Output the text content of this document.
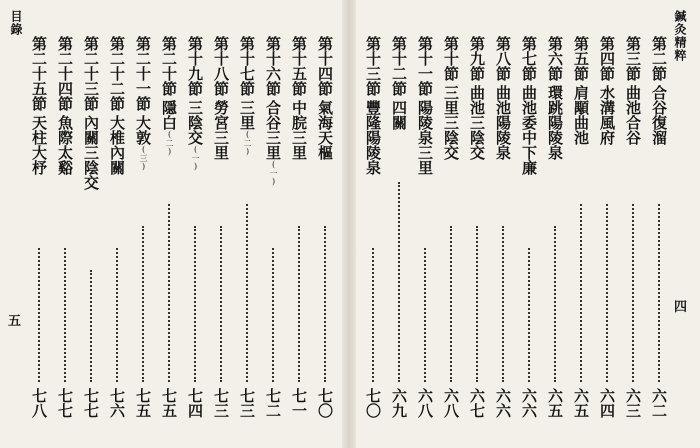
鍼灸精粹
四
目錄
五
第二節合谷復溜
六二
第三節曲池合谷
六三
第四節水溝風府
六四
第五節肩顒曲池
六五
第六節環跳陽陵泉
六五
第七節曲池委中下廉
六六
第八節曲池陽陵泉
六六
第九節曲池三陰交
六七
第十節三里三陰交
六八
第十一節陽陵泉三里
六八
第十二節四關
六九
第十三節豐隆陽陵泉
七〇
第十四節氣海天樞
七〇
第十五節中脘三里
七一
第十六節合谷三里(一)
七二
第十七節三里(二)
七三
第十八節勞宮三里
七三
第十九節三陰交(一)
七四
第二十節隱白(二)
七五
第二十一節大敦(三)
七五
第二十二節大椎內關
七六
第二十三節內關三陰交
七七
第二十四節魚際太谿
七七
第二十五節天柱大杼
七八
